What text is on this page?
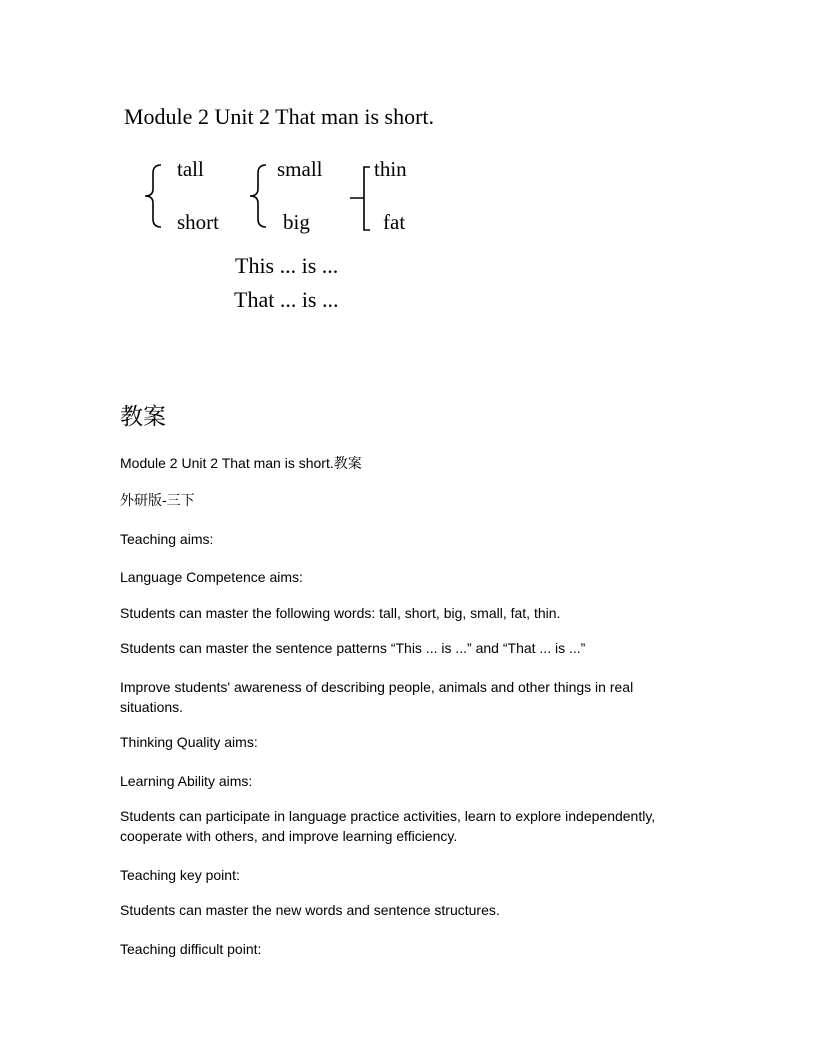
Module 2 Unit 2 That man is short.
tall
short
small
big
thin
fat
This ... is ...
That ... is ...
教案
Module 2 Unit 2 That man is short.教案
外研版-三下
Teaching aims:
Language Competence aims:
Students can master the following words: tall, short, big, small, fat, thin.
Students can master the sentence patterns “This ... is ...” and “That ... is ...”
Improve students' awareness of describing people, animals and other things in real situations.
Thinking Quality aims:
Learning Ability aims:
Students can participate in language practice activities, learn to explore independently, cooperate with others, and improve learning efficiency.
Teaching key point:
Students can master the new words and sentence structures.
Teaching difficult point:
